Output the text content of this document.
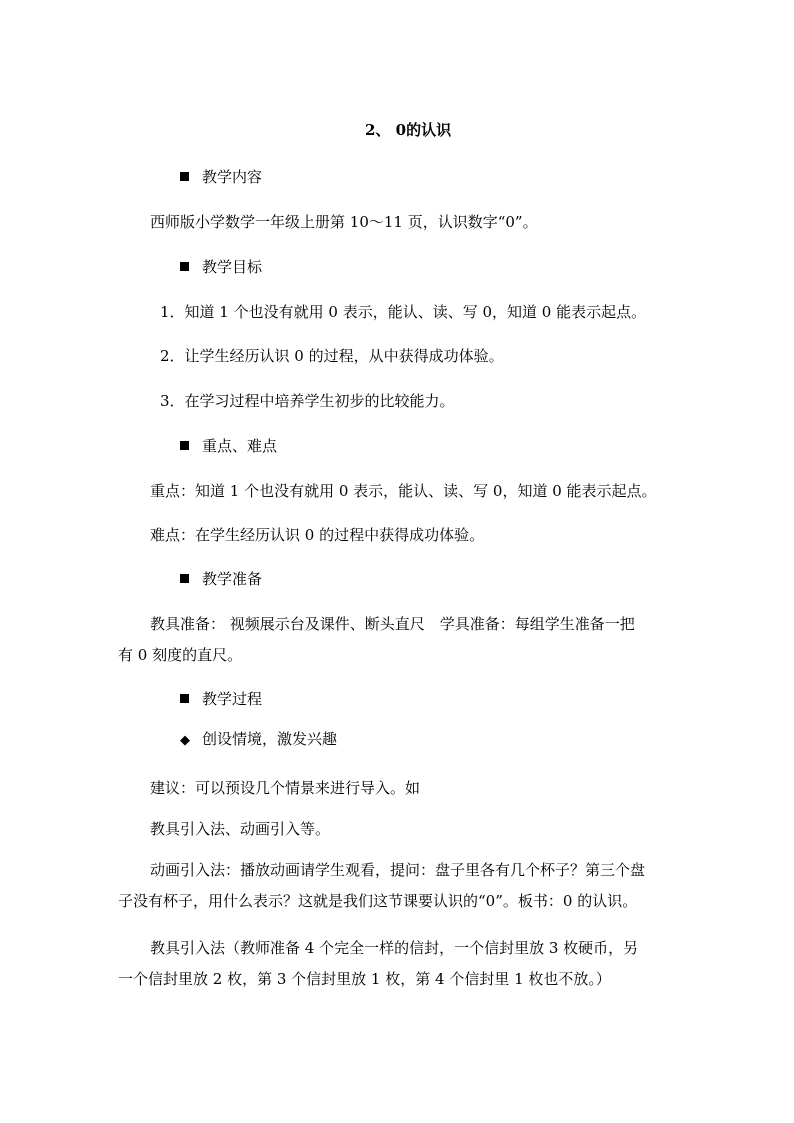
2、 0的认识
教学内容
西师版小学数学一年级上册第 10～11 页，认识数字“0”。
教学目标
1．知道 1 个也没有就用 0 表示，能认、读、写 0，知道 0 能表示起点。
2．让学生经历认识 0 的过程，从中获得成功体验。
3．在学习过程中培养学生初步的比较能力。
重点、难点
重点：知道 1 个也没有就用 0 表示，能认、读、写 0，知道 0 能表示起点。
难点：在学生经历认识 0 的过程中获得成功体验。
教学准备
教具准备： 视频展示台及课件、断头直尺　学具准备：每组学生准备一把
有 0 刻度的直尺。
教学过程
◆ 创设情境，激发兴趣
建议：可以预设几个情景来进行导入。如
教具引入法、动画引入等。
动画引入法：播放动画请学生观看，提问：盘子里各有几个杯子？第三个盘
子没有杯子，用什么表示？这就是我们这节课要认识的“0”。板书：0 的认识。
教具引入法（教师准备 4 个完全一样的信封，一个信封里放 3 枚硬币，另
一个信封里放 2 枚，第 3 个信封里放 1 枚，第 4 个信封里 1 枚也不放。）
